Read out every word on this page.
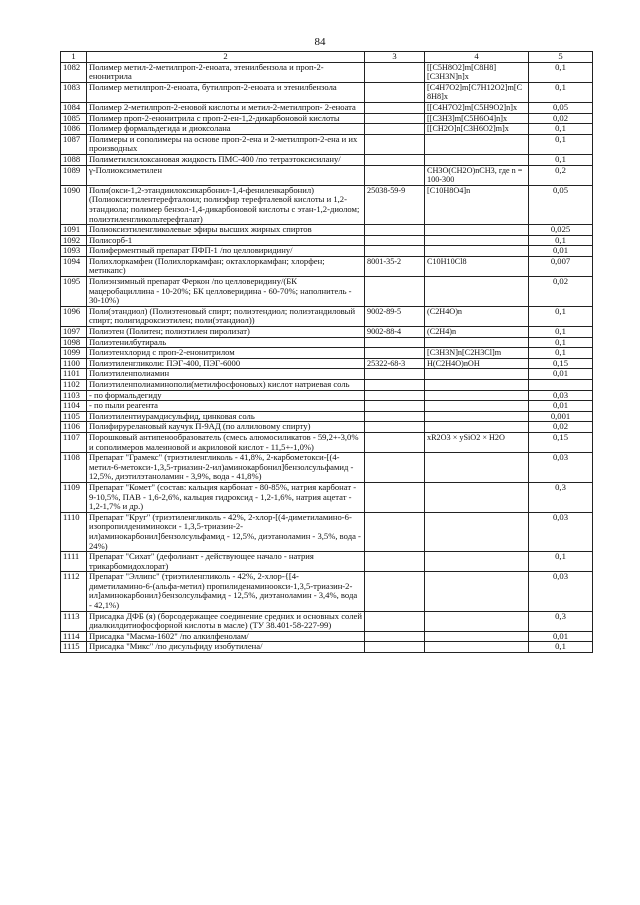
84
1	2	3	4	5
1082	Полимер метил-2-метилпроп-2-еноата, этенилбензола и проп-2-енонитрила		[[C5H8O2]m[C8H8][C3H3N]n]x	0,1
1083	Полимер метилпроп-2-еноата, бутилпроп-2-еноата и этенилбензола		[C4H7O2]m[C7H12O2]m[C8H8]x	0,1
1084	Полимер 2-метилпроп-2-еновой кислоты и метил-2-метилпроп- 2-еноата		[[C4H7O2]m[C5H9O2]n]x	0,05
1085	Полимер проп-2-енонитрила с проп-2-ен-1,2-дикарбоновой кислоты		[[C3H3]m[C5H6O4]n]x	0,02
1086	Полимер формальдегида и диоксолана		[[CH2O]n[C3H6O2]m]x	0,1
1087	Полимеры и сополимеры на основе проп-2-ена и 2-метилпроп-2-ена и их производных			0,1
1088	Полиметилсилоксановая жидкость ПМС-400 /по тетраэтоксисилану/			0,1
1089	γ-Полиоксиметилен		CH3O(CH2O)nCH3, где n = 100-300	0,2
1090	Поли(окси-1,2-этандиилоксикарбонил-1,4-фениленкарбонил) (Полиоксиэтилентерефталоил; полиэфир терефталевой кислоты и 1,2- этандиола; полимер бензол-1,4-дикарбоновой кислоты с этан-1,2-диолом; полиэтиленгликольтерефталат)	25038-59-9	[C10H8O4]n	0,05
1091	Полиоксиэтиленгликолевые эфиры высших жирных спиртов			0,025
1092	Полисорб-1			0,1
1093	Полиферментный препарат ПФП-1 /по целловиридину/			0,01
1094	Полихлоркамфен (Полихлоркамфан; октахлоркамфан; хлорфен; метнкапс)	8001-35-2	C10H10Cl8	0,007
1095	Полиэнзимный препарат Феркон /по целловеридину/(БК мацеробациллина - 10-20%; БК целловеридина - 60-70%; наполнитель - 30-10%)			0,02
1096	Поли(этандиол) (Полиэтеновый спирт; полиэтендиол; полиэтандиловый спирт; полигидроксиэтилен; поли(этандиол))	9002-89-5	(C2H4O)n	0,1
1097	Полиэтен (Политен; полиэтилен пиролизат)	9002-88-4	(C2H4)n	0,1
1098	Полиэтенилбутираль			0,1
1099	Полиэтенхлорид с проп-2-енонитрилом		[C3H3N]n[C2H3Cl]m	0,1
1100	Полиэтиленгликоли: ПЭГ-400, ПЭГ-6000	25322-68-3	H(C2H4O)nOH	0,15
1101	Полиэтиленполиамин			0,01
1102	Полиэтиленполиаминополи(метилфосфоновых) кислот натриевая соль			
1103	- по формальдегиду			0,03
1104	- по пыли реагента			0,01
1105	Полиэтилентиурамдисульфид, цинковая соль			0,001
1106	Полифирурелановый каучук П-9АД (по аллиловому спирту)			0,02
1107	Порошковый антипенообразователь (смесь алюмосиликатов - 59,2+-3,0% и сополимеров малеиновой и акриловой кислот - 11,5+-1,0%)		xR2O3 × ySiO2 × H2O	0,15
1108	Препарат "Грамекс" (триэтиленгликоль - 41,8%, 2-карбометокси-[(4-метил-6-метокси-1,3,5-триазин-2-ил)аминокарбонил]бензолсульфамид - 12,5%, диэтилэтаноламин - 3,9%, вода - 41,8%)			0,03
1109	Препарат "Комет" (состав: кальция карбонат - 80-85%, натрия карбонат - 9-10,5%, ПАВ - 1,6-2,6%, кальция гидроксид - 1,2-1,6%, натрия ацетат - 1,2-1,7% и др.)			0,3
1110	Препарат "Круг" (триэтиленгликоль - 42%, 2-хлор-[(4-диметиламино-6-изопропилдениминокси - 1,3,5-триазин-2-ил)аминокарбонил]бензолсульфамид - 12,5%, диэтаноламин - 3,5%, вода - 24%)			0,03
1111	Препарат "Сихат" (дефолиант - действующее начало - натрия трикарбомидохлорат)			0,1
1112	Препарат "Эллипс" (триэтиленгликоль - 42%, 2-хлор-{[4-диметиламино-6-(альфа-метил) пропилиденаминоокси-1,3,5-триазин-2-ил]аминокарбонил}бензолсульфамид - 12,5%, диэтаноламин - 3,4%, вода - 42,1%)			0,03
1113	Присадка ДФБ (я) (борсодержащее соединение средних и основных солей диалкилдитиофосфорной кислоты в масле) (ТУ 38.401-58-227-99)			0,3
1114	Присадка "Масма-1602" /по алкилфенолам/			0,01
1115	Присадка "Микс" /по дисульфиду изобутилена/			0,1
